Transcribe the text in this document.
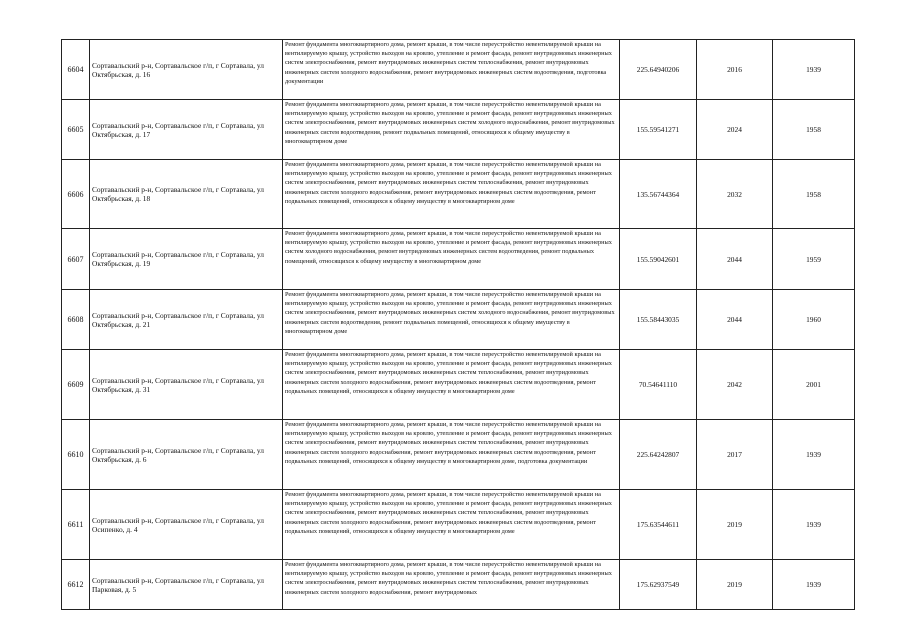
6604	Сортавальский р-н, Сортавальское г/п, г Сортавала, ул Октябрьская, д. 16	Ремонт фундамента многоквартирного дома, ремонт крыши, в том числе переустройство невентилируемой крыши на вентилируемую крышу, устройство выходов на кровлю, утепление и ремонт фасада, ремонт внутридомовых инженерных систем электроснабжения, ремонт внутридомовых инженерных систем теплоснабжения, ремонт внутридомовых инженерных систем холодного водоснабжения, ремонт внутридомовых инженерных систем водоотведения, подготовка документации	225.64940206	2016	1939
6605	Сортавальский р-н, Сортавальское г/п, г Сортавала, ул Октябрьская, д. 17	Ремонт фундамента многоквартирного дома, ремонт крыши, в том числе переустройство невентилируемой крыши на вентилируемую крышу, устройство выходов на кровлю, утепление и ремонт фасада, ремонт внутридомовых инженерных систем электроснабжения, ремонт внутридомовых инженерных систем холодного водоснабжения, ремонт внутридомовых инженерных систем водоотведения, ремонт подвальных помещений, относящихся к общему имуществу в многоквартирном доме	155.59541271	2024	1958
6606	Сортавальский р-н, Сортавальское г/п, г Сортавала, ул Октябрьская, д. 18	Ремонт фундамента многоквартирного дома, ремонт крыши, в том числе переустройство невентилируемой крыши на вентилируемую крышу, устройство выходов на кровлю, утепление и ремонт фасада, ремонт внутридомовых инженерных систем электроснабжения, ремонт внутридомовых инженерных систем теплоснабжения, ремонт внутридомовых инженерных систем холодного водоснабжения, ремонт внутридомовых инженерных систем водоотведения, ремонт подвальных помещений, относящихся к общему имуществу в многоквартирном доме	135.56744364	2032	1958
6607	Сортавальский р-н, Сортавальское г/п, г Сортавала, ул Октябрьская, д. 19	Ремонт фундамента многоквартирного дома, ремонт крыши, в том числе переустройство невентилируемой крыши на вентилируемую крышу, устройство выходов на кровлю, утепление и ремонт фасада, ремонт внутридомовых инженерных систем холодного водоснабжения, ремонт внутридомовых инженерных систем водоотведения, ремонт подвальных помещений, относящихся к общему имуществу в многоквартирном доме	155.59042601	2044	1959
6608	Сортавальский р-н, Сортавальское г/п, г Сортавала, ул Октябрьская, д. 21	Ремонт фундамента многоквартирного дома, ремонт крыши, в том числе переустройство невентилируемой крыши на вентилируемую крышу, устройство выходов на кровлю, утепление и ремонт фасада, ремонт внутридомовых инженерных систем электроснабжения, ремонт внутридомовых инженерных систем холодного водоснабжения, ремонт внутридомовых инженерных систем водоотведения, ремонт подвальных помещений, относящихся к общему имуществу в многоквартирном доме	155.58443035	2044	1960
6609	Сортавальский р-н, Сортавальское г/п, г Сортавала, ул Октябрьская, д. 31	Ремонт фундамента многоквартирного дома, ремонт крыши, в том числе переустройство невентилируемой крыши на вентилируемую крышу, устройство выходов на кровлю, утепление и ремонт фасада, ремонт внутридомовых инженерных систем электроснабжения, ремонт внутридомовых инженерных систем теплоснабжения, ремонт внутридомовых инженерных систем холодного водоснабжения, ремонт внутридомовых инженерных систем водоотведения, ремонт подвальных помещений, относящихся к общему имуществу в многоквартирном доме	70.54641110	2042	2001
6610	Сортавальский р-н, Сортавальское г/п, г Сортавала, ул Октябрьская, д. 6	Ремонт фундамента многоквартирного дома, ремонт крыши, в том числе переустройство невентилируемой крыши на вентилируемую крышу, устройство выходов на кровлю, утепление и ремонт фасада, ремонт внутридомовых инженерных систем электроснабжения, ремонт внутридомовых инженерных систем теплоснабжения, ремонт внутридомовых инженерных систем холодного водоснабжения, ремонт внутридомовых инженерных систем водоотведения, ремонт подвальных помещений, относящихся к общему имуществу в многоквартирном доме, подготовка документации	225.64242807	2017	1939
6611	Сортавальский р-н, Сортавальское г/п, г Сортавала, ул Осипенко, д. 4	Ремонт фундамента многоквартирного дома, ремонт крыши, в том числе переустройство невентилируемой крыши на вентилируемую крышу, устройство выходов на кровлю, утепление и ремонт фасада, ремонт внутридомовых инженерных систем электроснабжения, ремонт внутридомовых инженерных систем теплоснабжения, ремонт внутридомовых инженерных систем холодного водоснабжения, ремонт внутридомовых инженерных систем водоотведения, ремонт подвальных помещений, относящихся к общему имуществу в многоквартирном доме	175.63544611	2019	1939
6612	Сортавальский р-н, Сортавальское г/п, г Сортавала, ул Парковая, д. 5	Ремонт фундамента многоквартирного дома, ремонт крыши, в том числе переустройство невентилируемой крыши на вентилируемую крышу, устройство выходов на кровлю, утепление и ремонт фасада, ремонт внутридомовых инженерных систем электроснабжения, ремонт внутридомовых инженерных систем теплоснабжения, ремонт внутридомовых инженерных систем холодного водоснабжения, ремонт внутридомовых	175.62937549	2019	1939
